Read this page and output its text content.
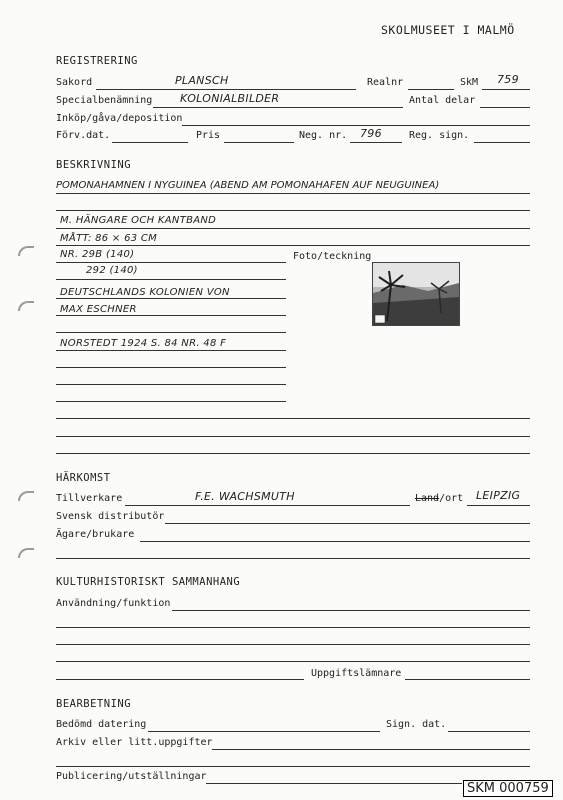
SKOLMUSEET I MALMÖ
REGISTRERING
Sakord	PLANSCH	Realnr	SkM 759
Specialbenämning	KOLONIALBILDER	Antal delar
Inköp/gåva/deposition
Förv.dat.	Pris	Neg. nr. 796	Reg. sign.
BESKRIVNING
POMONAHAMNEN I NYGUINEA (ABEND AM POMONAHAFEN AUF NEUGUINEA)
M. HÄNGARE OCH KANTBAND
MÅTT: 86 × 63 CM
NR. 29B (140)	Foto/teckning
292 (140)
DEUTSCHLANDS KOLONIEN VON
MAX ESCHNER
NORSTEDT 1924 S. 84 NR. 48 F
HÄRKOMST
Tillverkare	F.E. WACHSMUTH	Land/ort LEIPZIG
Svensk distributör
Ägare/brukare
KULTURHISTORISKT SAMMANHANG
Användning/funktion
Uppgiftslämnare
BEARBETNING
Bedömd datering	Sign. dat.
Arkiv eller litt.uppgifter
Publicering/utställningar
SKM 000759
